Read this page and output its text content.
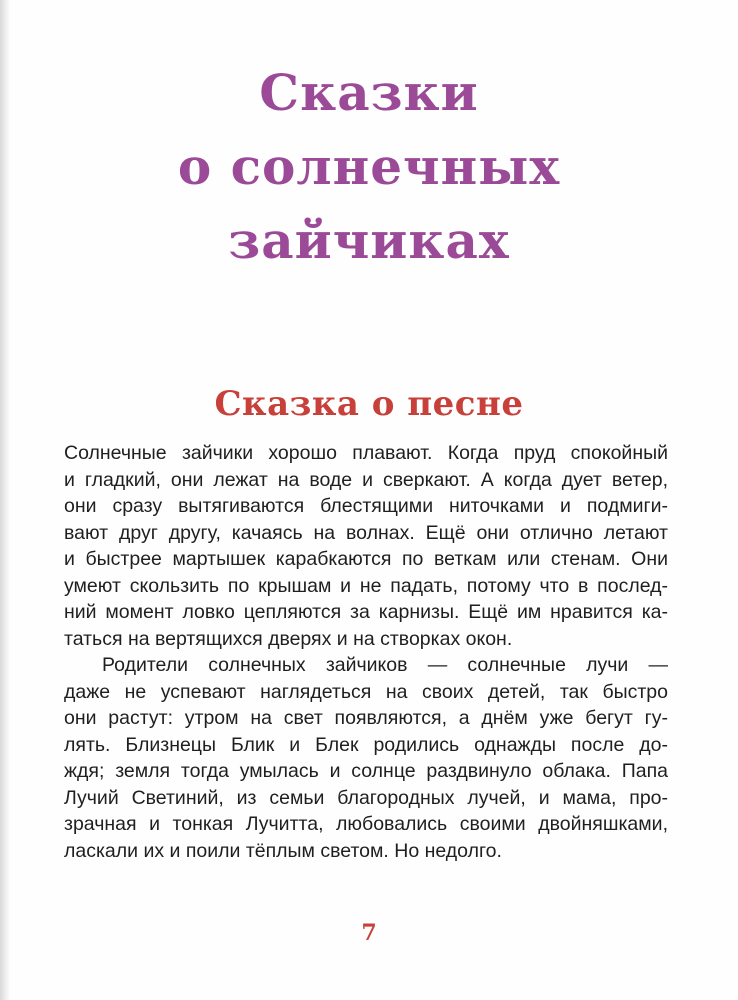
Сказки
о солнечных
зайчиках
Сказка о песне
Солнечные зайчики хорошо плавают. Когда пруд спокойный
и гладкий, они лежат на воде и сверкают. А когда дует ветер,
они сразу вытягиваются блестящими ниточками и подмиги-
вают друг другу, качаясь на волнах. Ещё они отлично летают
и быстрее мартышек карабкаются по веткам или стенам. Они
умеют скользить по крышам и не падать, потому что в послед-
ний момент ловко цепляются за карнизы. Ещё им нравится ка-
таться на вертящихся дверях и на створках окон.
Родители солнечных зайчиков — солнечные лучи —
даже не успевают наглядеться на своих детей, так быстро
они растут: утром на свет появляются, а днём уже бегут гу-
лять. Близнецы Блик и Блек родились однажды после до-
ждя; земля тогда умылась и солнце раздвинуло облака. Папа
Лучий Светиний, из семьи благородных лучей, и мама, про-
зрачная и тонкая Лучитта, любовались своими двойняшками,
ласкали их и поили тёплым светом. Но недолго.
7
